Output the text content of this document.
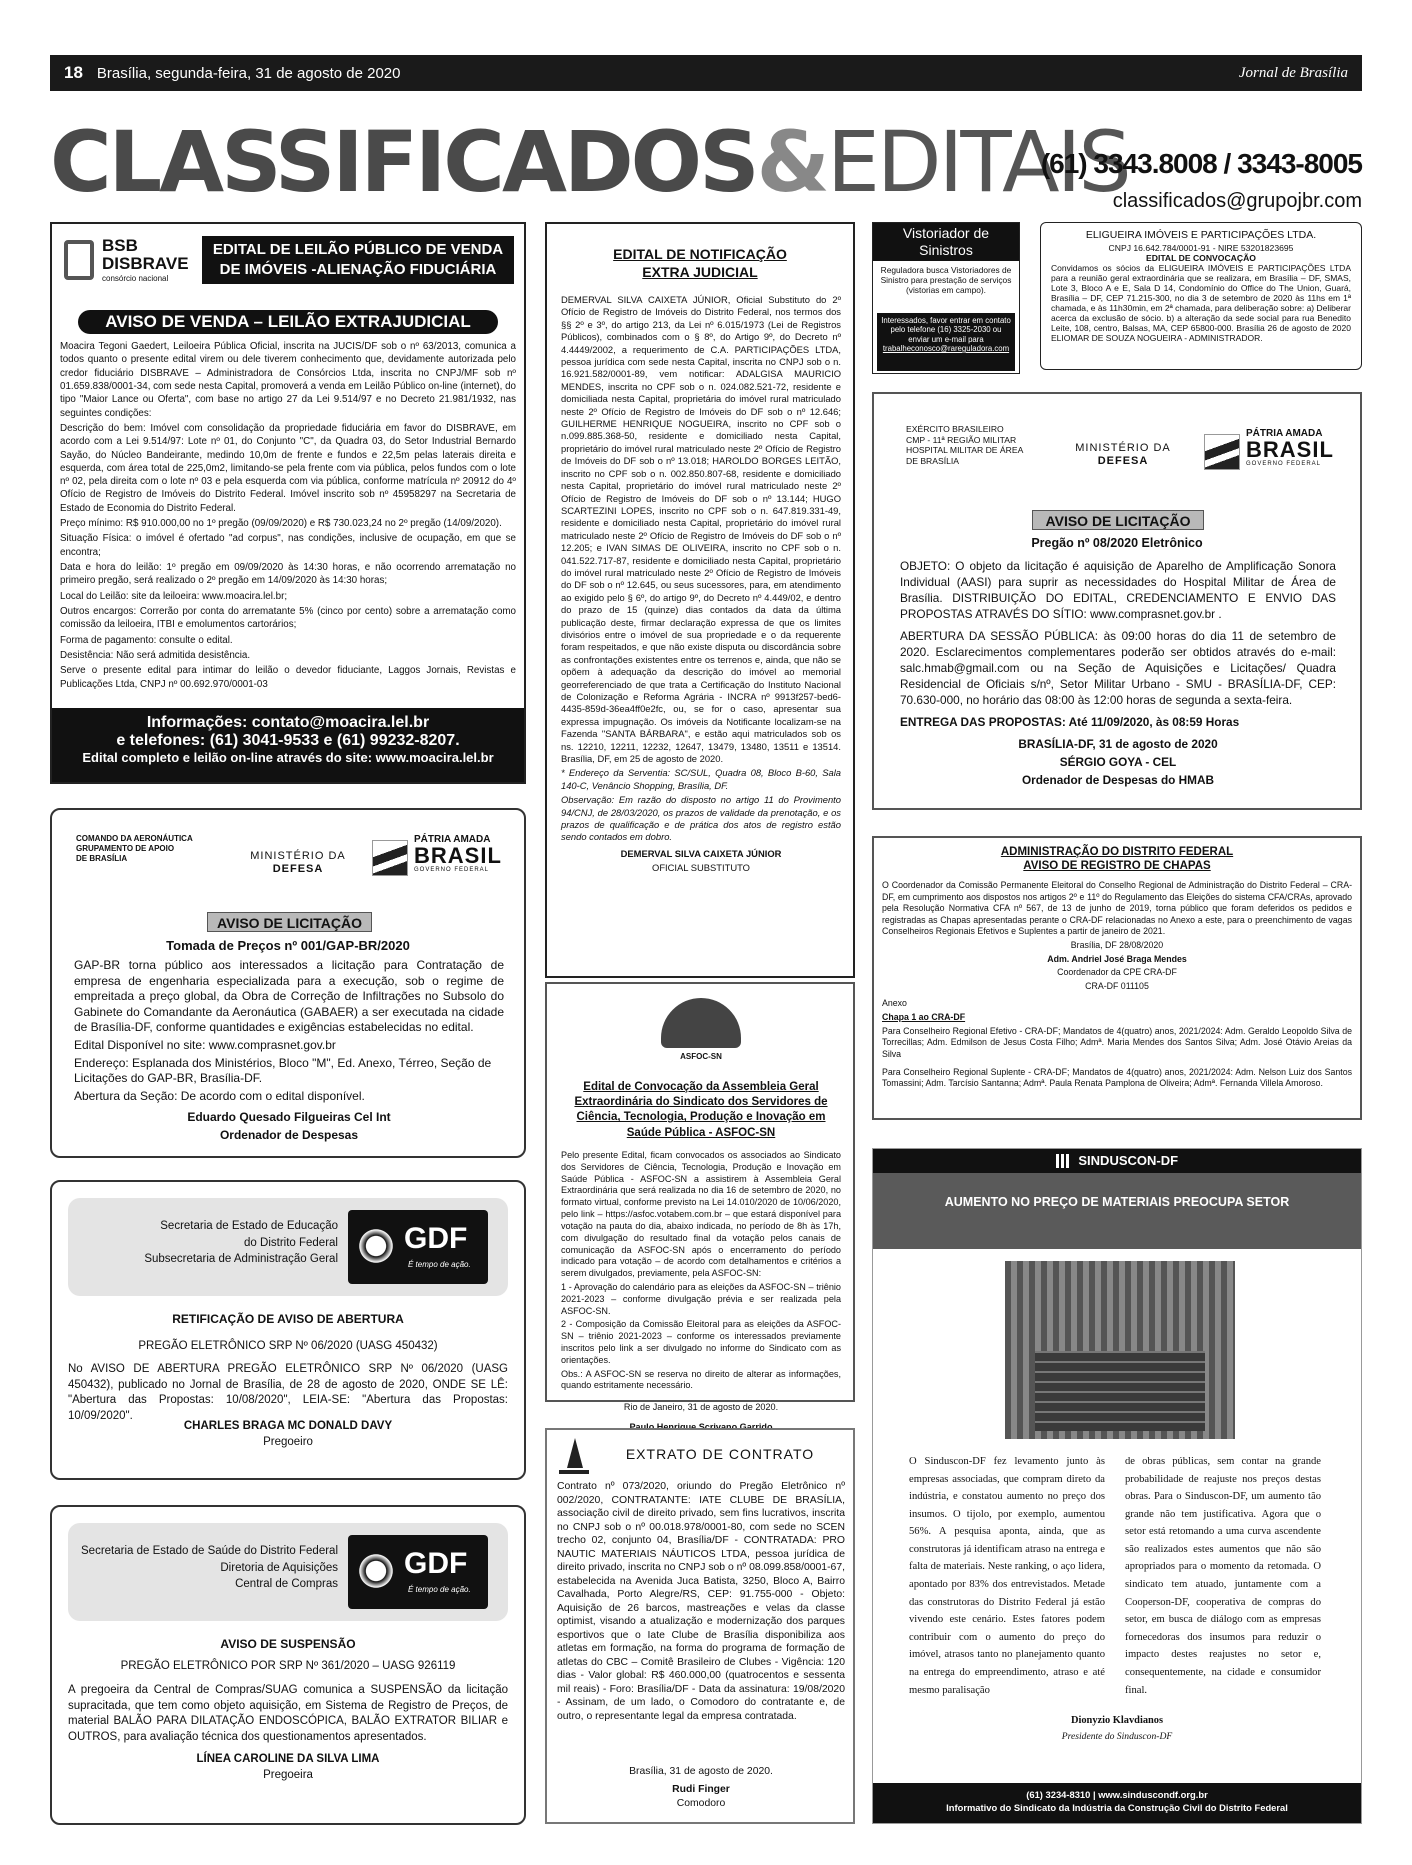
18 Brasília, segunda-feira, 31 de agosto de 2020	Jornal de Brasília
CLASSIFICADOS&EDITAIS
(61) 3343.8008 / 3343-8005
classificados@grupojbr.com
BSB
DISBRAVE
consórcio nacional
EDITAL DE LEILÃO PÚBLICO DE VENDA DE IMÓVEIS -ALIENAÇÃO FIDUCIÁRIA
AVISO DE VENDA – LEILÃO EXTRAJUDICIAL

Moacira Tegoni Gaedert, Leiloeira Pública Oficial, inscrita na JUCIS/DF sob o nº 63/2013, comunica a todos quanto o presente edital virem ou dele tiverem conhecimento que, devidamente autorizada pelo credor fiduciário DISBRAVE – Administradora de Consórcios Ltda, inscrita no CNPJ/MF sob nº 01.659.838/0001-34, com sede nesta Capital, promoverá a venda em Leilão Público on-line (internet), do tipo "Maior Lance ou Oferta", com base no artigo 27 da Lei 9.514/97 e no Decreto 21.981/1932, nas seguintes condições:

Descrição do bem: Imóvel com consolidação da propriedade fiduciária em favor do DISBRAVE, em acordo com a Lei 9.514/97: Lote nº 01, do Conjunto "C", da Quadra 03, do Setor Industrial Bernardo Sayão, do Núcleo Bandeirante, medindo 10,0m de frente e fundos e 22,5m pelas laterais direita e esquerda, com área total de 225,0m2, limitando-se pela frente com via pública, pelos fundos com o lote nº 02, pela direita com o lote nº 03 e pela esquerda com via pública, conforme matrícula nº 20912 do 4º Ofício de Registro de Imóveis do Distrito Federal. Imóvel inscrito sob nº 45958297 na Secretaria de Estado de Economia do Distrito Federal.

Preço mínimo: R$ 910.000,00 no 1º pregão (09/09/2020) e R$ 730.023,24 no 2º pregão (14/09/2020).

Situação Física: o imóvel é ofertado "ad corpus", nas condições, inclusive de ocupação, em que se encontra;

Data e hora do leilão: 1º pregão em 09/09/2020 às 14:30 horas, e não ocorrendo arrematação no primeiro pregão, será realizado o 2º pregão em 14/09/2020 às 14:30 horas;

Local do Leilão: site da leiloeira: www.moacira.lel.br;

Outros encargos: Correrão por conta do arrematante 5% (cinco por cento) sobre a arrematação como comissão da leiloeira, ITBI e emolumentos cartorários;

Forma de pagamento: consulte o edital.

Desistência: Não será admitida desistência.

Serve o presente edital para intimar do leilão o devedor fiduciante, Laggos Jornais, Revistas e Publicações Ltda, CNPJ nº 00.692.970/0001-03

Informações: contato@moacira.lel.br
e telefones: (61) 3041-9533 e (61) 99232-8207.
Edital completo e leilão on-line através do site: www.moacira.lel.br
COMANDO DA AERONÁUTICA
GRUPAMENTO DE APOIO
DE BRASÍLIA	MINISTÉRIO DA
DEFESA
PÁTRIA AMADA
BRASIL
GOVERNO FEDERAL
AVISO DE LICITAÇÃO
Tomada de Preços nº 001/GAP-BR/2020

GAP-BR torna público aos interessados a licitação para Contratação de empresa de engenharia especializada para a execução, sob o regime de empreitada a preço global, da Obra de Correção de Infiltrações no Subsolo do Gabinete do Comandante da Aeronáutica (GABAER) a ser executada na cidade de Brasília-DF, conforme quantidades e exigências estabelecidas no edital.

Edital Disponível no site: www.comprasnet.gov.br

Endereço: Esplanada dos Ministérios, Bloco "M", Ed. Anexo, Térreo, Seção de Licitações do GAP-BR, Brasília-DF.

Abertura da Seção: De acordo com o edital disponível.

Eduardo Quesado Filgueiras Cel Int

Ordenador de Despesas

Secretaria de Estado de Educação
do Distrito Federal
Subsecretaria de Administração Geral
GDF
É tempo de ação.
RETIFICAÇÃO DE AVISO DE ABERTURA
PREGÃO ELETRÔNICO SRP Nº 06/2020 (UASG 450432)
No AVISO DE ABERTURA PREGÃO ELETRÔNICO SRP Nº 06/2020 (UASG 450432), publicado no Jornal de Brasília, de 28 de agosto de 2020, ONDE SE LÊ: "Abertura das Propostas: 10/08/2020", LEIA-SE: "Abertura das Propostas: 10/09/2020".
CHARLES BRAGA MC DONALD DAVY
Pregoeiro
Secretaria de Estado de Saúde do Distrito Federal
Diretoria de Aquisições
Central de Compras
GDF
É tempo de ação.
AVISO DE SUSPENSÃO
PREGÃO ELETRÔNICO POR SRP Nº 361/2020 – UASG 926119
A pregoeira da Central de Compras/SUAG comunica a SUSPENSÃO da licitação supracitada, que tem como objeto aquisição, em Sistema de Registro de Preços, de material BALÃO PARA DILATAÇÃO ENDOSCÓPICA, BALÃO EXTRATOR BILIAR e OUTROS, para avaliação técnica dos questionamentos apresentados.
LÍNEA CAROLINE DA SILVA LIMA
Pregoeira
EDITAL DE NOTIFICAÇÃO
EXTRA JUDICIAL

DEMERVAL SILVA CAIXETA JÚNIOR, Oficial Substituto do 2º Ofício de Registro de Imóveis do Distrito Federal, nos termos dos §§ 2º e 3º, do artigo 213, da Lei nº 6.015/1973 (Lei de Registros Públicos), combinados com o § 8º, do Artigo 9º, do Decreto nº 4.4449/2002, a requerimento de C.A. PARTICIPAÇÕES LTDA, pessoa jurídica com sede nesta Capital, inscrita no CNPJ sob o n. 16.921.582/0001-89, vem notificar: ADALGISA MAURICIO MENDES, inscrita no CPF sob o n. 024.082.521-72, residente e domiciliada nesta Capital, proprietária do imóvel rural matriculado neste 2º Ofício de Registro de Imóveis do DF sob o nº 12.646; GUILHERME HENRIQUE NOGUEIRA, inscrito no CPF sob o n.099.885.368-50, residente e domiciliado nesta Capital, proprietário do imóvel rural matriculado neste 2º Ofício de Registro de Imóveis do DF sob o nº 13.018; HAROLDO BORGES LEITÃO, inscrito no CPF sob o n. 002.850.807-68, residente e domiciliado nesta Capital, proprietário do imóvel rural matriculado neste 2º Ofício de Registro de Imóveis do DF sob o nº 13.144; HUGO SCARTEZINI LOPES, inscrito no CPF sob o n. 647.819.331-49, residente e domiciliado nesta Capital, proprietário do imóvel rural matriculado neste 2º Ofício de Registro de Imóveis do DF sob o nº 12.205; e IVAN SIMAS DE OLIVEIRA, inscrito no CPF sob o n. 041.522.717-87, residente e domiciliado nesta Capital, proprietário do imóvel rural matriculado neste 2º Ofício de Registro de Imóveis do DF sob o nº 12.645, ou seus sucessores, para, em atendimento ao exigido pelo § 6º, do artigo 9º, do Decreto nº 4.449/02, e dentro do prazo de 15 (quinze) dias contados da data da última publicação deste, firmar declaração expressa de que os limites divisórios entre o imóvel de sua propriedade e o da requerente foram respeitados, e que não existe disputa ou discordância sobre as confrontações existentes entre os terrenos e, ainda, que não se opõem à adequação da descrição do imóvel ao memorial georreferenciado de que trata a Certificação do Instituto Nacional de Colonização e Reforma Agrária - INCRA nº 9913f257-bed6-4435-859d-36ea4ff0e2fc, ou, se for o caso, apresentar sua expressa impugnação. Os imóveis da Notificante localizam-se na Fazenda "SANTA BÁRBARA", e estão aqui matriculados sob os ns. 12210, 12211, 12232, 12647, 13479, 13480, 13511 e 13514. Brasília, DF, em 25 de agosto de 2020.

* Endereço da Serventia: SC/SUL, Quadra 08, Bloco B-60, Sala 140-C, Venâncio Shopping, Brasília, DF.

Observação: Em razão do disposto no artigo 11 do Provimento 94/CNJ, de 28/03/2020, os prazos de validade da prenotação, e os prazos de qualificação e de prática dos atos de registro estão sendo contados em dobro.

DEMERVAL SILVA CAIXETA JÚNIOR

OFICIAL SUBSTITUTO

ASFOC-SN
Edital de Convocação da Assembleia Geral Extraordinária do Sindicato dos Servidores de Ciência, Tecnologia, Produção e Inovação em Saúde Pública - ASFOC-SN

Pelo presente Edital, ficam convocados os associados ao Sindicato dos Servidores de Ciência, Tecnologia, Produção e Inovação em Saúde Pública - ASFOC-SN a assistirem à Assembleia Geral Extraordinária que será realizada no dia 16 de setembro de 2020, no formato virtual, conforme previsto na Lei 14.010/2020 de 10/06/2020, pelo link – https://asfoc.votabem.com.br – que estará disponível para votação na pauta do dia, abaixo indicada, no período de 8h às 17h, com divulgação do resultado final da votação pelos canais de comunicação da ASFOC-SN após o encerramento do período indicado para votação – de acordo com detalhamentos e critérios a serem divulgados, previamente, pela ASFOC-SN:

1 - Aprovação do calendário para as eleições da ASFOC-SN – triênio 2021-2023 – conforme divulgação prévia e ser realizada pela ASFOC-SN.

2 - Composição da Comissão Eleitoral para as eleições da ASFOC-SN – triênio 2021-2023 – conforme os interessados previamente inscritos pelo link a ser divulgado no informe do Sindicato com as orientações.

Obs.: A ASFOC-SN se reserva no direito de alterar as informações, quando estritamente necessário.

Rio de Janeiro, 31 de agosto de 2020.

EXTRATO DE CONTRATO
Contrato nº 073/2020, oriundo do Pregão Eletrônico nº 002/2020, CONTRATANTE: IATE CLUBE DE BRASÍLIA, associação civil de direito privado, sem fins lucrativos, inscrita no CNPJ sob o nº 00.018.978/0001-80, com sede no SCEN trecho 02, conjunto 04, Brasília/DF - CONTRATADA: PRO NAUTIC MATERIAIS NÁUTICOS LTDA, pessoa jurídica de direito privado, inscrita no CNPJ sob o nº 08.099.858/0001-67, estabelecida na Avenida Juca Batista, 3250, Bloco A, Bairro Cavalhada, Porto Alegre/RS, CEP: 91.755-000 - Objeto: Aquisição de 26 barcos, mastreações e velas da classe optimist, visando a atualização e modernização dos parques esportivos que o Iate Clube de Brasília disponibiliza aos atletas em formação, na forma do programa de formação de atletas do CBC – Comitê Brasileiro de Clubes - Vigência: 120 dias - Valor global: R$ 460.000,00 (quatrocentos e sessenta mil reais) - Foro: Brasília/DF - Data da assinatura: 19/08/2020 - Assinam, de um lado, o Comodoro do contratante e, de outro, o representante legal da empresa contratada.
Brasília, 31 de agosto de 2020.
Rudi Finger
Comodoro
Vistoriador de Sinistros
Reguladora busca Vistoriadores de Sinistro para prestação de serviços (vistorias em campo).
Interessados, favor entrar em contato pelo telefone (16) 3325-2030 ou enviar um e-mail para
trabalheconosco@rareguladora.com
ELIGUEIRA IMÓVEIS E PARTICIPAÇÕES LTDA.
CNPJ 16.642.784/0001-91 - NIRE 53201823695
EDITAL DE CONVOCAÇÃO
Convidamos os sócios da ELIGUEIRA IMÓVEIS E PARTICIPAÇÕES LTDA para a reunião geral extraordinária que se realizara, em Brasília – DF, SMAS, Lote 3, Bloco A e E, Sala D 14, Condomínio do Office do The Union, Guará, Brasília – DF, CEP 71.215-300, no dia 3 de setembro de 2020 às 11hs em 1ª chamada, e às 11h30min, em 2ª chamada, para deliberação sobre: a) Deliberar acerca da exclusão de sócio. b) a alteração da sede social para rua Benedito Leite, 108, centro, Balsas, MA, CEP 65800-000. Brasília 26 de agosto de 2020 ELIOMAR DE SOUZA NOGUEIRA - ADMINISTRADOR.
EXÉRCITO BRASILEIRO
CMP - 11ª REGIÃO MILITAR
HOSPITAL MILITAR DE ÁREA
DE BRASÍLIA
MINISTÉRIO DA
DEFESA
PÁTRIA AMADA
BRASIL
GOVERNO FEDERAL
AVISO DE LICITAÇÃO
Pregão nº 08/2020 Eletrônico

OBJETO: O objeto da licitação é aquisição de Aparelho de Amplificação Sonora Individual (AASI) para suprir as necessidades do Hospital Militar de Área de Brasília. DISTRIBUIÇÃO DO EDITAL, CREDENCIAMENTO E ENVIO DAS PROPOSTAS ATRAVÉS DO SÍTIO: www.comprasnet.gov.br .

ABERTURA DA SESSÃO PÚBLICA: às 09:00 horas do dia 11 de setembro de 2020. Esclarecimentos complementares poderão ser obtidos através do e-mail: salc.hmab@gmail.com ou na Seção de Aquisições e Licitações/ Quadra Residencial de Oficiais s/nº, Setor Militar Urbano - SMU - BRASÍLIA-DF, CEP: 70.630-000, no horário das 08:00 às 12:00 horas de segunda a sexta-feira.

ENTREGA DAS PROPOSTAS: Até 11/09/2020, às 08:59 Horas

BRASÍLIA-DF, 31 de agosto de 2020

SÉRGIO GOYA - CEL

Ordenador de Despesas do HMAB

ADMINISTRAÇÃO DO DISTRITO FEDERAL
AVISO DE REGISTRO DE CHAPAS

O Coordenador da Comissão Permanente Eleitoral do Conselho Regional de Administração do Distrito Federal – CRA-DF, em cumprimento aos dispostos nos artigos 2º e 11º do Regulamento das Eleições do sistema CFA/CRAs, aprovado pela Resolução Normativa CFA nº 567, de 13 de junho de 2019, torna público que foram deferidos os pedidos e registradas as Chapas apresentadas perante o CRA-DF relacionadas no Anexo a este, para o preenchimento de vagas Conselheiros Regionais Efetivos e Suplentes a partir de janeiro de 2021.

Brasília, DF 28/08/2020

Adm. Andriel José Braga Mendes

Coordenador da CPE CRA-DF

CRA-DF 011105

Anexo

Chapa 1 ao CRA-DF

Para Conselheiro Regional Efetivo - CRA-DF; Mandatos de 4(quatro) anos, 2021/2024: Adm. Geraldo Leopoldo Silva de Torrecillas; Adm. Edmilson de Jesus Costa Filho; Admª. Maria Mendes dos Santos Silva; Adm. José Otávio Areias da Silva

Para Conselheiro Regional Suplente - CRA-DF; Mandatos de 4(quatro) anos, 2021/2024: Adm. Nelson Luiz dos Santos Tomassini; Adm. Tarcísio Santanna; Admª. Paula Renata Pamplona de Oliveira; Admª. Fernanda Villela Amoroso.

SINDUSCON-DF
AUMENTO NO PREÇO DE MATERIAIS PREOCUPA SETOR
O Sinduscon-DF fez levamento junto às empresas associadas, que compram direto da indústria, e constatou aumento no preço dos insumos. O tijolo, por exemplo, aumentou 56%. A pesquisa aponta, ainda, que as construtoras já identificam atraso na entrega e falta de materiais. Neste ranking, o aço lidera, apontado por 83% dos entrevistados. Metade das construtoras do Distrito Federal já estão vivendo este cenário. Estes fatores podem contribuir com o aumento do preço do imóvel, atrasos tanto no planejamento quanto na entrega do empreendimento, atraso e até mesmo paralisação
de obras públicas, sem contar na grande probabilidade de reajuste nos preços destas obras. Para o Sinduscon-DF, um aumento tão grande não tem justificativa. Agora que o setor está retomando a uma curva ascendente são realizados estes aumentos que não são apropriados para o momento da retomada. O sindicato tem atuado, juntamente com a Cooperson-DF, cooperativa de compras do setor, em busca de diálogo com as empresas fornecedoras dos insumos para reduzir o impacto destes reajustes no setor e, consequentemente, na cidade e consumidor final.
Dionyzio Klavdianos
Presidente do Sinduscon-DF
(61) 3234-8310 | www.sinduscondf.org.br
Informativo do Sindicato da Indústria da Construção Civil do Distrito Federal
